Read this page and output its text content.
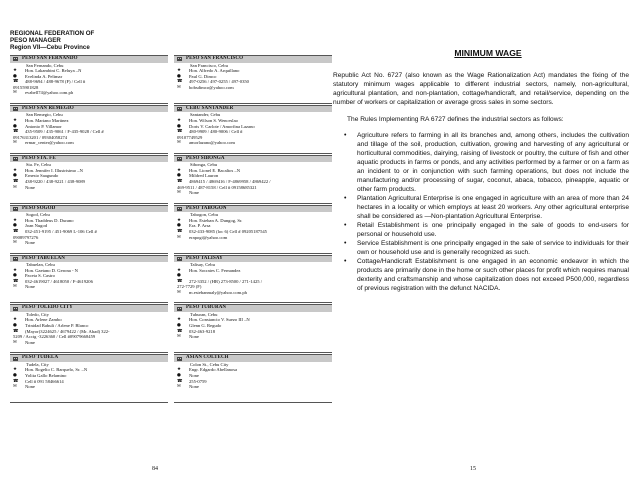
REGIONAL FEDERATION OF
PESO MANAGER
Region VII—Cebu Province
PESO SAN FERNANDO
San Fernando, Cebu
★	Hon. Lakambini C. Reluya –N
●	Evelinda A. Pelimar
☎	488-9694 / 488-9678 (F) / Cell #
09155901828
✉	evabell74@yahoo.com.ph
PESO SAN FRANCISCO
San Francisco, Cebu
★	Hon. Alfredo A. Arquillano
●	Paul G. Dimco
☎	497-0256 / 497-0255 / 497-0350
✉	bobsdimco@yahoo.com
PESO SAN REMEGIO
San Remegio, Cebu
★	Hon. Mariano Martinez
●	Antonio P. Villamor
☎	435-9509 / 435-9061 / F-435-9028 / Cell #
09176313201 / 09304058274
✉	ermar_center@yahoo.com
CEBU SANTANDER
Santander, Cebu
★	Hon. Wilson S. Wenceslao
●	Doris V. Carlote / Amorfina Lazano
☎	480-9909 / 480-9006 / Cell #
09107749529
✉	amorlazano@yahoo.com
PESO STA. FE
Sta. Fe, Cebu
★	Hon. Jennifer I. Illustrisimo –N
●	Ernesto Saagundo
☎	438-9220 / 438-9221 / 438-9089
✉	None
PESO SIBONGA
Sibonga, Cebu
★	Hon. Lionel E. Bacaltos –N
●	Mildred Lauron
☎	4869415 / 4869416 / F-4869958 / 4869422 /
469-9511 / 487-8158 / Cell # 09158685321
✉	None
PESO SOGOD
Sogod, Cebu
★	Hon. Thaddeus D. Durano
●	Joan Nugod
☎	032-451-9195 / 451-9069 L-106 Cell #
09089797276
✉	None
PESO TABOGON
Tabogon, Cebu
★	Hon. Esteban A. Dungog, Sr.
●	Era. P. Arsa
☎	032-433-9085 (loc 6) Cell # 09205187545
✉	erapogi@yahoo.com
PESO TABUELAN
Tabuelan, Cebu
★	Hon. Gaetano D. Gerona - N
●	Paceta S. Castro
☎	032-4619027 / 4618050 / F-4619206
✉	None
PESO TALISAY
Talisay, Cebu
★	Hon. Socrates C. Fernandez
●
☎	272-3352 / (HR) 273-8500 / 271-1425 /
272-7729 (F)
✉	m.estebanmaly@yahoo.com.ph
PESO TOLEDO CITY
Toledo, City
★	Hon. Arlene Zambo
●	Trinidad Babuli / Arlene P. Blanco
☎	(Mayor)3224625 / 4679422 / (Mr. Abad) 322-
5209 / Acctg -3226360 / Cell #09079668459
✉	None
PESO TUBURAN
Tuburan, Cebu
★	Hon. Constancio V. Suezo III –N
●	Glenn G. Regudo
☎	032-463-9218
✉	None
PESO TUDELA
Tudela, City
★	Hon. Rogelio C. Barquelo, Sr. –N
●	Yolita Gallo Belamino
☎	Cell # 091 58466614
✉	None
ASIAN COLTECH
Colon St., Cebu City
★	Engr. Edgardo Abellanosa
●	None
☎	255-0759
✉	None
84
MINIMUM WAGE

Republic Act No. 6727 (also known as the Wage Rationalization Act) mandates the fixing of the statutory minimum wages applicable to different industrial sectors, namely, non-agricultural, agricultural plantation, and non-plantation, cottage/handicraft, and retail/service, depending on the number of workers or capitalization or average gross sales in some sectors.

The Rules Implementing RA 6727 defines the industrial sectors as follows:

• Agriculture refers to farming in all its branches and, among others, includes the cultivation and tillage of the soil, production, cultivation, growing and harvesting of any agricultural or horticultural commodities, dairying, raising of livestock or poultry, the culture of fish and other aquatic products in farms or ponds, and any activities performed by a farmer or on a farm as an incident to or in conjunction with such farming operations, but does not include the manufacturing and/or processing of sugar, coconut, abaca, tobacco, pineapple, aquatic or other farm products.
• Plantation Agricultural Enterprise is one engaged in agriculture with an area of more than 24 hectares in a locality or which employs at least 20 workers. Any other agricultural enterprise shall be considered as —Non-plantation Agricultural Enterprise.
• Retail Establishment is one principally engaged in the sale of goods to end-users for personal or household use.
• Service Establishment is one principally engaged in the sale of service to individuals for their own or household use and is generally recognized as such.
• Cottage/Handicraft Establishment is one engaged in an economic endeavor in which the products are primarily done in the home or such other places for profit which requires manual dexterity and craftsmanship and whose capitalization does not exceed P500,000, regardless of previous registration with the defunct NACIDA.
15
